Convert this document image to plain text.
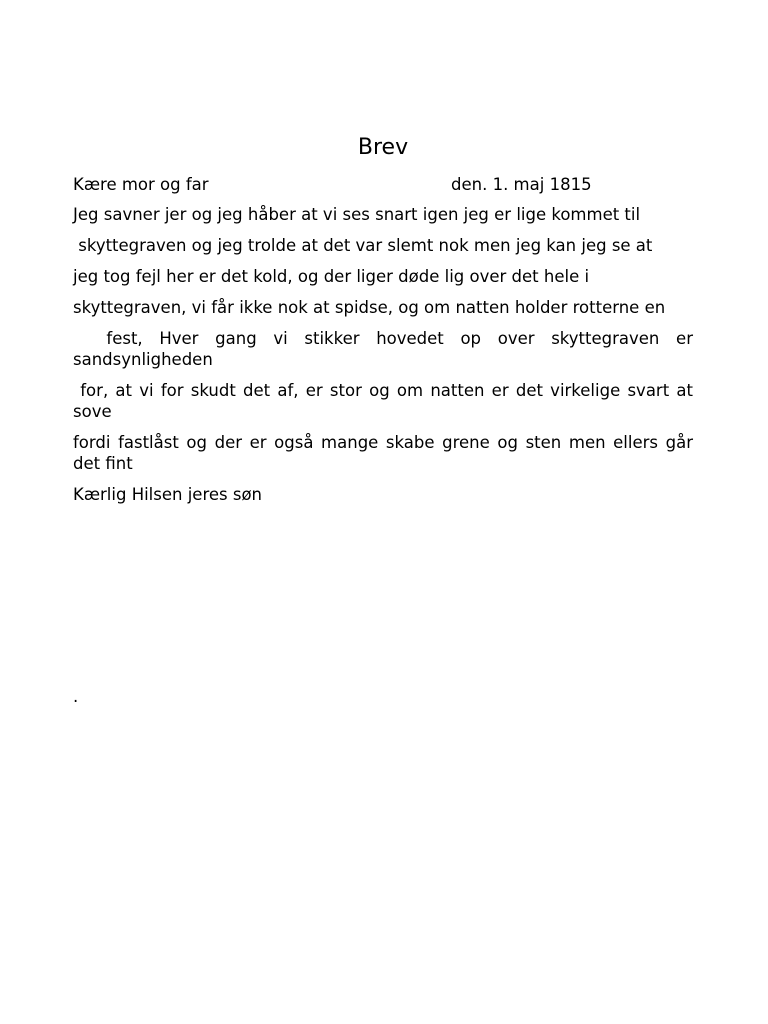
Brev
Kære mor og far	den. 1. maj 1815

Jeg savner jer og jeg håber at vi ses snart igen jeg er lige kommet til

skyttegraven og jeg trolde at det var slemt nok men jeg kan jeg se at

jeg tog fejl her er det kold, og der liger døde lig over det hele i

skyttegraven, vi får ikke nok at spidse, og om natten holder rotterne en

fest, Hver gang vi stikker hovedet op over skyttegraven er sandsynligheden

for, at vi for skudt det af, er stor og om natten er det virkelige svart at sove

fordi fastlåst og der er også mange skabe grene og sten men ellers går det fint

Kærlig Hilsen jeres søn

.
